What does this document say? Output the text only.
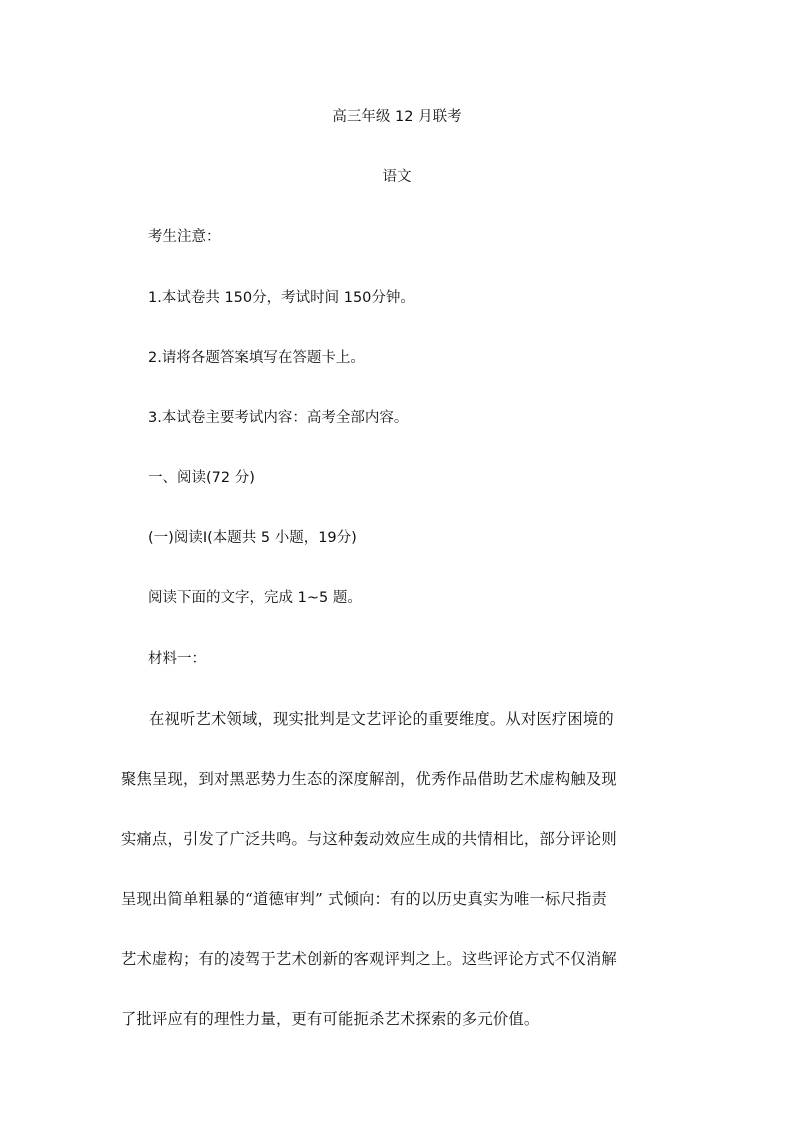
高三年级 12 月联考
语文
考生注意：
1.本试卷共 150分，考试时间 150分钟。
2.请将各题答案填写在答题卡上。
3.本试卷主要考试内容：高考全部内容。
一、阅读(72 分)
(一)阅读Ⅰ(本题共 5 小题，19分)
阅读下面的文字，完成 1~5 题。
材料一：
在视听艺术领域，现实批判是文艺评论的重要维度。从对医疗困境的
聚焦呈现，到对黑恶势力生态的深度解剖，优秀作品借助艺术虚构触及现
实痛点，引发了广泛共鸣。与这种轰动效应生成的共情相比，部分评论则
呈现出简单粗暴的“道德审判” 式倾向：有的以历史真实为唯一标尺指责
艺术虚构；有的凌驾于艺术创新的客观评判之上。这些评论方式不仅消解
了批评应有的理性力量，更有可能扼杀艺术探索的多元价值。
